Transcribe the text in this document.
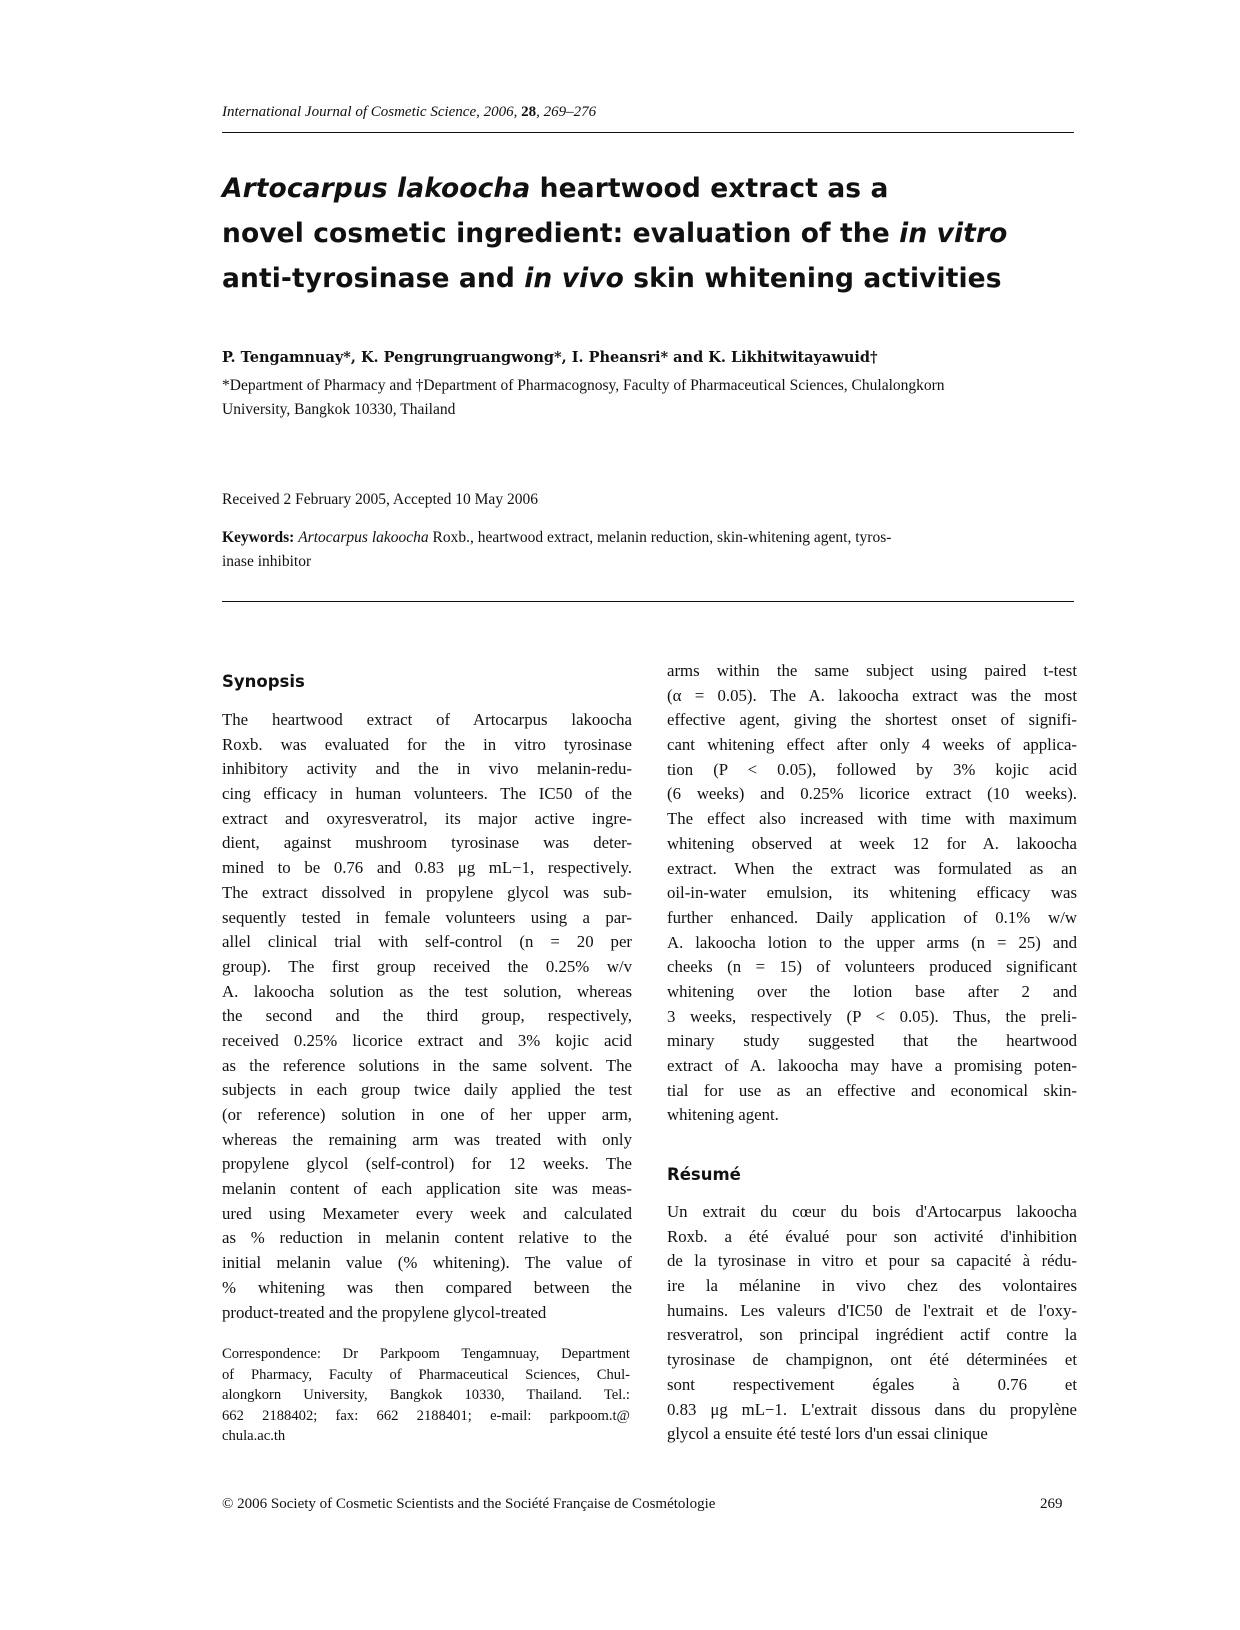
International Journal of Cosmetic Science, 2006, 28, 269–276
Artocarpus lakoocha heartwood extract as a
novel cosmetic ingredient: evaluation of the in vitro
anti-tyrosinase and in vivo skin whitening activities
P. Tengamnuay*, K. Pengrungruangwong*, I. Pheansri* and K. Likhitwitayawuid†
*Department of Pharmacy and †Department of Pharmacognosy, Faculty of Pharmaceutical Sciences, Chulalongkorn
University, Bangkok 10330, Thailand
Received 2 February 2005, Accepted 10 May 2006
Keywords: Artocarpus lakoocha Roxb., heartwood extract, melanin reduction, skin-whitening agent, tyros-
inase inhibitor
Synopsis
The heartwood extract of Artocarpus lakoocha
Roxb. was evaluated for the in vitro tyrosinase
inhibitory activity and the in vivo melanin-redu-
cing efficacy in human volunteers. The IC50 of the
extract and oxyresveratrol, its major active ingre-
dient, against mushroom tyrosinase was deter-
mined to be 0.76 and 0.83 μg mL−1, respectively.
The extract dissolved in propylene glycol was sub-
sequently tested in female volunteers using a par-
allel clinical trial with self-control (n = 20 per
group). The first group received the 0.25% w/v
A. lakoocha solution as the test solution, whereas
the second and the third group, respectively,
received 0.25% licorice extract and 3% kojic acid
as the reference solutions in the same solvent. The
subjects in each group twice daily applied the test
(or reference) solution in one of her upper arm,
whereas the remaining arm was treated with only
propylene glycol (self-control) for 12 weeks. The
melanin content of each application site was meas-
ured using Mexameter every week and calculated
as % reduction in melanin content relative to the
initial melanin value (% whitening). The value of
% whitening was then compared between the
product-treated and the propylene glycol-treated
Correspondence: Dr Parkpoom Tengamnuay, Department
of Pharmacy, Faculty of Pharmaceutical Sciences, Chul-
alongkorn University, Bangkok 10330, Thailand. Tel.:
662 2188402; fax: 662 2188401; e-mail: parkpoom.t@
chula.ac.th
arms within the same subject using paired t-test
(α = 0.05). The A. lakoocha extract was the most
effective agent, giving the shortest onset of signifi-
cant whitening effect after only 4 weeks of applica-
tion (P < 0.05), followed by 3% kojic acid
(6 weeks) and 0.25% licorice extract (10 weeks).
The effect also increased with time with maximum
whitening observed at week 12 for A. lakoocha
extract. When the extract was formulated as an
oil-in-water emulsion, its whitening efficacy was
further enhanced. Daily application of 0.1% w/w
A. lakoocha lotion to the upper arms (n = 25) and
cheeks (n = 15) of volunteers produced significant
whitening over the lotion base after 2 and
3 weeks, respectively (P < 0.05). Thus, the preli-
minary study suggested that the heartwood
extract of A. lakoocha may have a promising poten-
tial for use as an effective and economical skin-
whitening agent.
Résumé
Un extrait du cœur du bois d'Artocarpus lakoocha
Roxb. a été évalué pour son activité d'inhibition
de la tyrosinase in vitro et pour sa capacité à rédu-
ire la mélanine in vivo chez des volontaires
humains. Les valeurs d'IC50 de l'extrait et de l'oxy-
resveratrol, son principal ingrédient actif contre la
tyrosinase de champignon, ont été déterminées et
sont respectivement égales à 0.76 et
0.83 μg mL−1. L'extrait dissous dans du propylène
glycol a ensuite été testé lors d'un essai clinique
© 2006 Society of Cosmetic Scientists and the Société Française de Cosmétologie	269
